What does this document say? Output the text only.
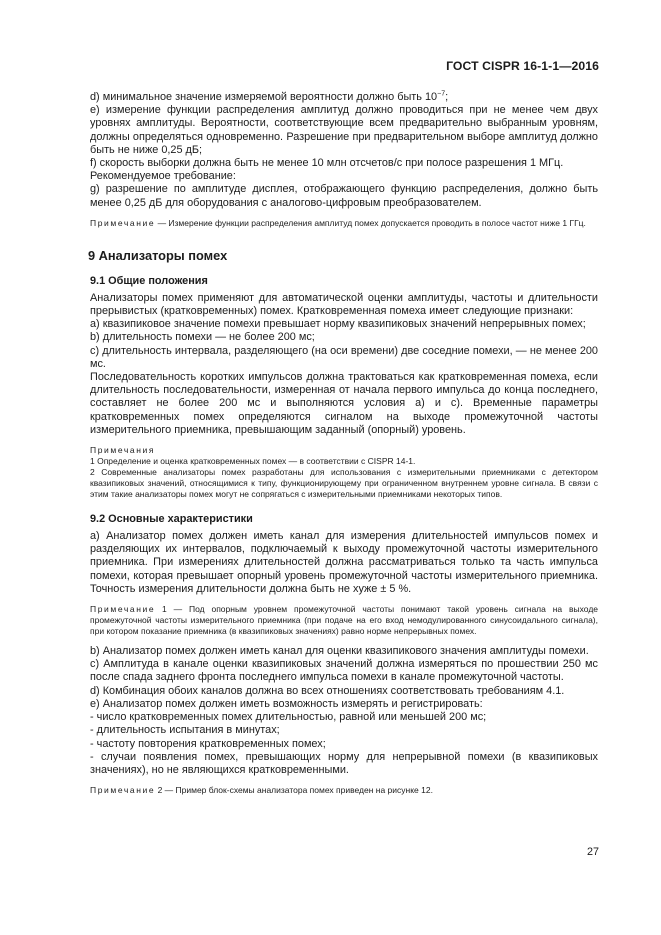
ГОСТ CISPR 16-1-1—2016

d) минимальное значение измеряемой вероятности должно быть $10^{-7}$;

e) измерение функции распределения амплитуд должно проводиться при не менее чем двух уровнях амплитуды. Вероятности, соответствующие всем предварительно выбранным уровням, должны определяться одновременно. Разрешение при предварительном выборе амплитуд должно быть не ниже 0,25 дБ;

f) скорость выборки должна быть не менее 10 млн отсчетов/с при полосе разрешения 1 МГц.

Рекомендуемое требование:

g) разрешение по амплитуде дисплея, отображающего функцию распределения, должно быть менее 0,25 дБ для оборудования с аналогово-цифровым преобразователем.

Примечание — Измерение функции распределения амплитуд помех допускается проводить в полосе частот ниже 1 ГГц.

9 Анализаторы помех
9.1 Общие положения

Анализаторы помех применяют для автоматической оценки амплитуды, частоты и длительности прерывистых (кратковременных) помех. Кратковременная помеха имеет следующие признаки:

а) квазипиковое значение помехи превышает норму квазипиковых значений непрерывных помех;

b) длительность помехи — не более 200 мс;

c) длительность интервала, разделяющего (на оси времени) две соседние помехи, — не менее 200 мс.

Последовательность коротких импульсов должна трактоваться как кратковременная помеха, если длительность последовательности, измеренная от начала первого импульса до конца последнего, составляет не более 200 мс и выполняются условия а) и с). Временные параметры кратковременных помех определяются сигналом на выходе промежуточной частоты измерительного приемника, превышающим заданный (опорный) уровень.

Примечания

1 Определение и оценка кратковременных помех — в соответствии с CISPR 14-1.

2 Современные анализаторы помех разработаны для использования с измерительными приемниками с детектором квазипиковых значений, относящимися к типу, функционирующему при ограниченном внутреннем уровне сигнала. В связи с этим такие анализаторы помех могут не сопрягаться с измерительными приемниками некоторых типов.

9.2 Основные характеристики

a) Анализатор помех должен иметь канал для измерения длительностей импульсов помех и разделяющих их интервалов, подключаемый к выходу промежуточной частоты измерительного приемника. При измерениях длительностей должна рассматриваться только та часть импульса помехи, которая превышает опорный уровень промежуточной частоты измерительного приемника. Точность измерения длительности должна быть не хуже ± 5 %.

Примечание 1 — Под опорным уровнем промежуточной частоты понимают такой уровень сигнала на выходе промежуточной частоты измерительного приемника (при подаче на его вход немодулированного синусоидального сигнала), при котором показание приемника (в квазипиковых значениях) равно норме непрерывных помех.

b) Анализатор помех должен иметь канал для оценки квазипикового значения амплитуды помехи.

c) Амплитуда в канале оценки квазипиковых значений должна измеряться по прошествии 250 мс после спада заднего фронта последнего импульса помехи в канале промежуточной частоты.

d) Комбинация обоих каналов должна во всех отношениях соответствовать требованиям 4.1.

e) Анализатор помех должен иметь возможность измерять и регистрировать:

- число кратковременных помех длительностью, равной или меньшей 200 мс;

- длительность испытания в минутах;

- частоту повторения кратковременных помех;

- случаи появления помех, превышающих норму для непрерывной помехи (в квазипиковых значениях), но не являющихся кратковременными.

Примечание 2 — Пример блок-схемы анализатора помех приведен на рисунке 12.

27
